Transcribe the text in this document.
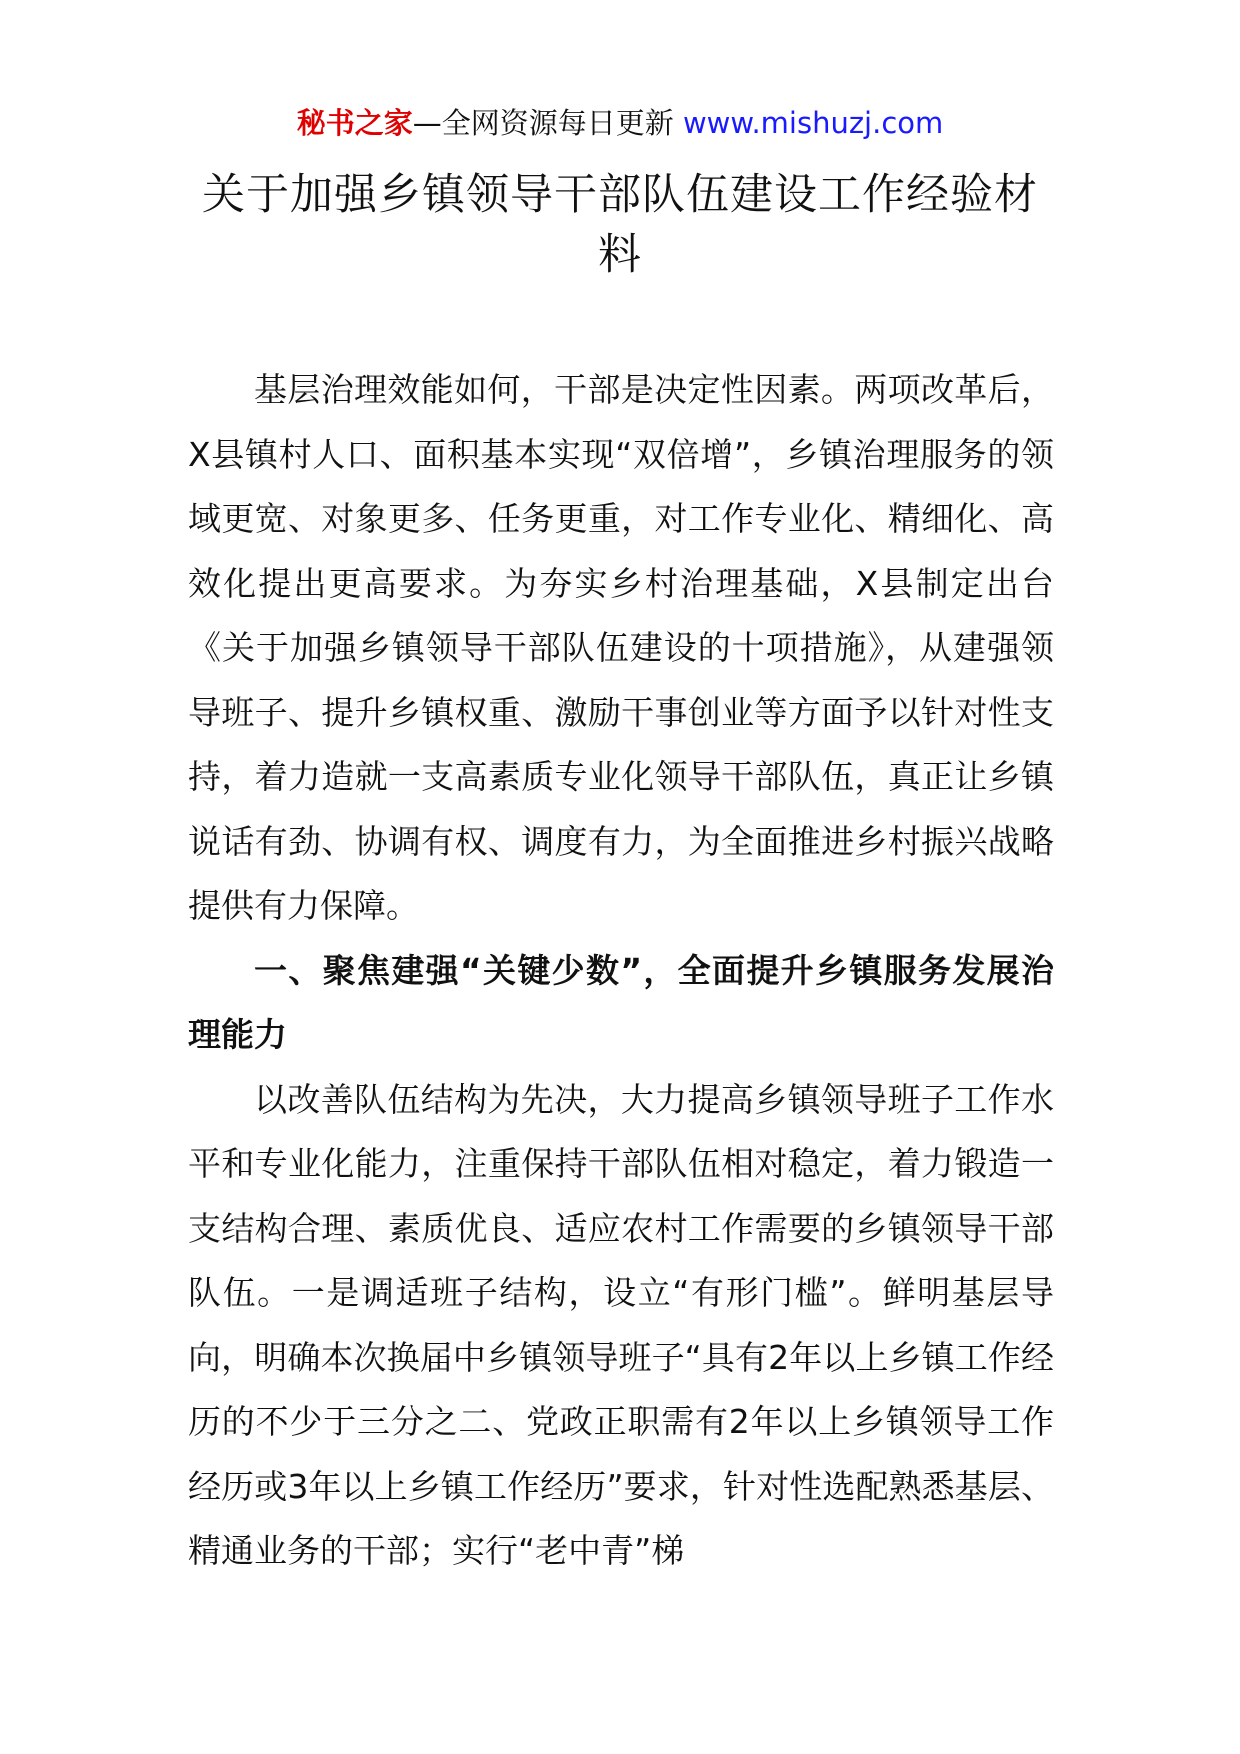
秘书之家—全网资源每日更新 www.mishuzj.com
关于加强乡镇领导干部队伍建设工作经验材料

基层治理效能如何，干部是决定性因素。两项改革后，X县镇村人口、面积基本实现“双倍增”，乡镇治理服务的领域更宽、对象更多、任务更重，对工作专业化、精细化、高效化提出更高要求。为夯实乡村治理基础，X县制定出台《关于加强乡镇领导干部队伍建设的十项措施》，从建强领导班子、提升乡镇权重、激励干事创业等方面予以针对性支持，着力造就一支高素质专业化领导干部队伍，真正让乡镇说话有劲、协调有权、调度有力，为全面推进乡村振兴战略提供有力保障。

一、聚焦建强“关键少数”，全面提升乡镇服务发展治理能力

以改善队伍结构为先决，大力提高乡镇领导班子工作水平和专业化能力，注重保持干部队伍相对稳定，着力锻造一支结构合理、素质优良、适应农村工作需要的乡镇领导干部队伍。一是调适班子结构，设立“有形门槛”。鲜明基层导向，明确本次换届中乡镇领导班子“具有2年以上乡镇工作经历的不少于三分之二、党政正职需有2年以上乡镇领导工作经历或3年以上乡镇工作经历”要求，针对性选配熟悉基层、精通业务的干部；实行“老中青”梯
